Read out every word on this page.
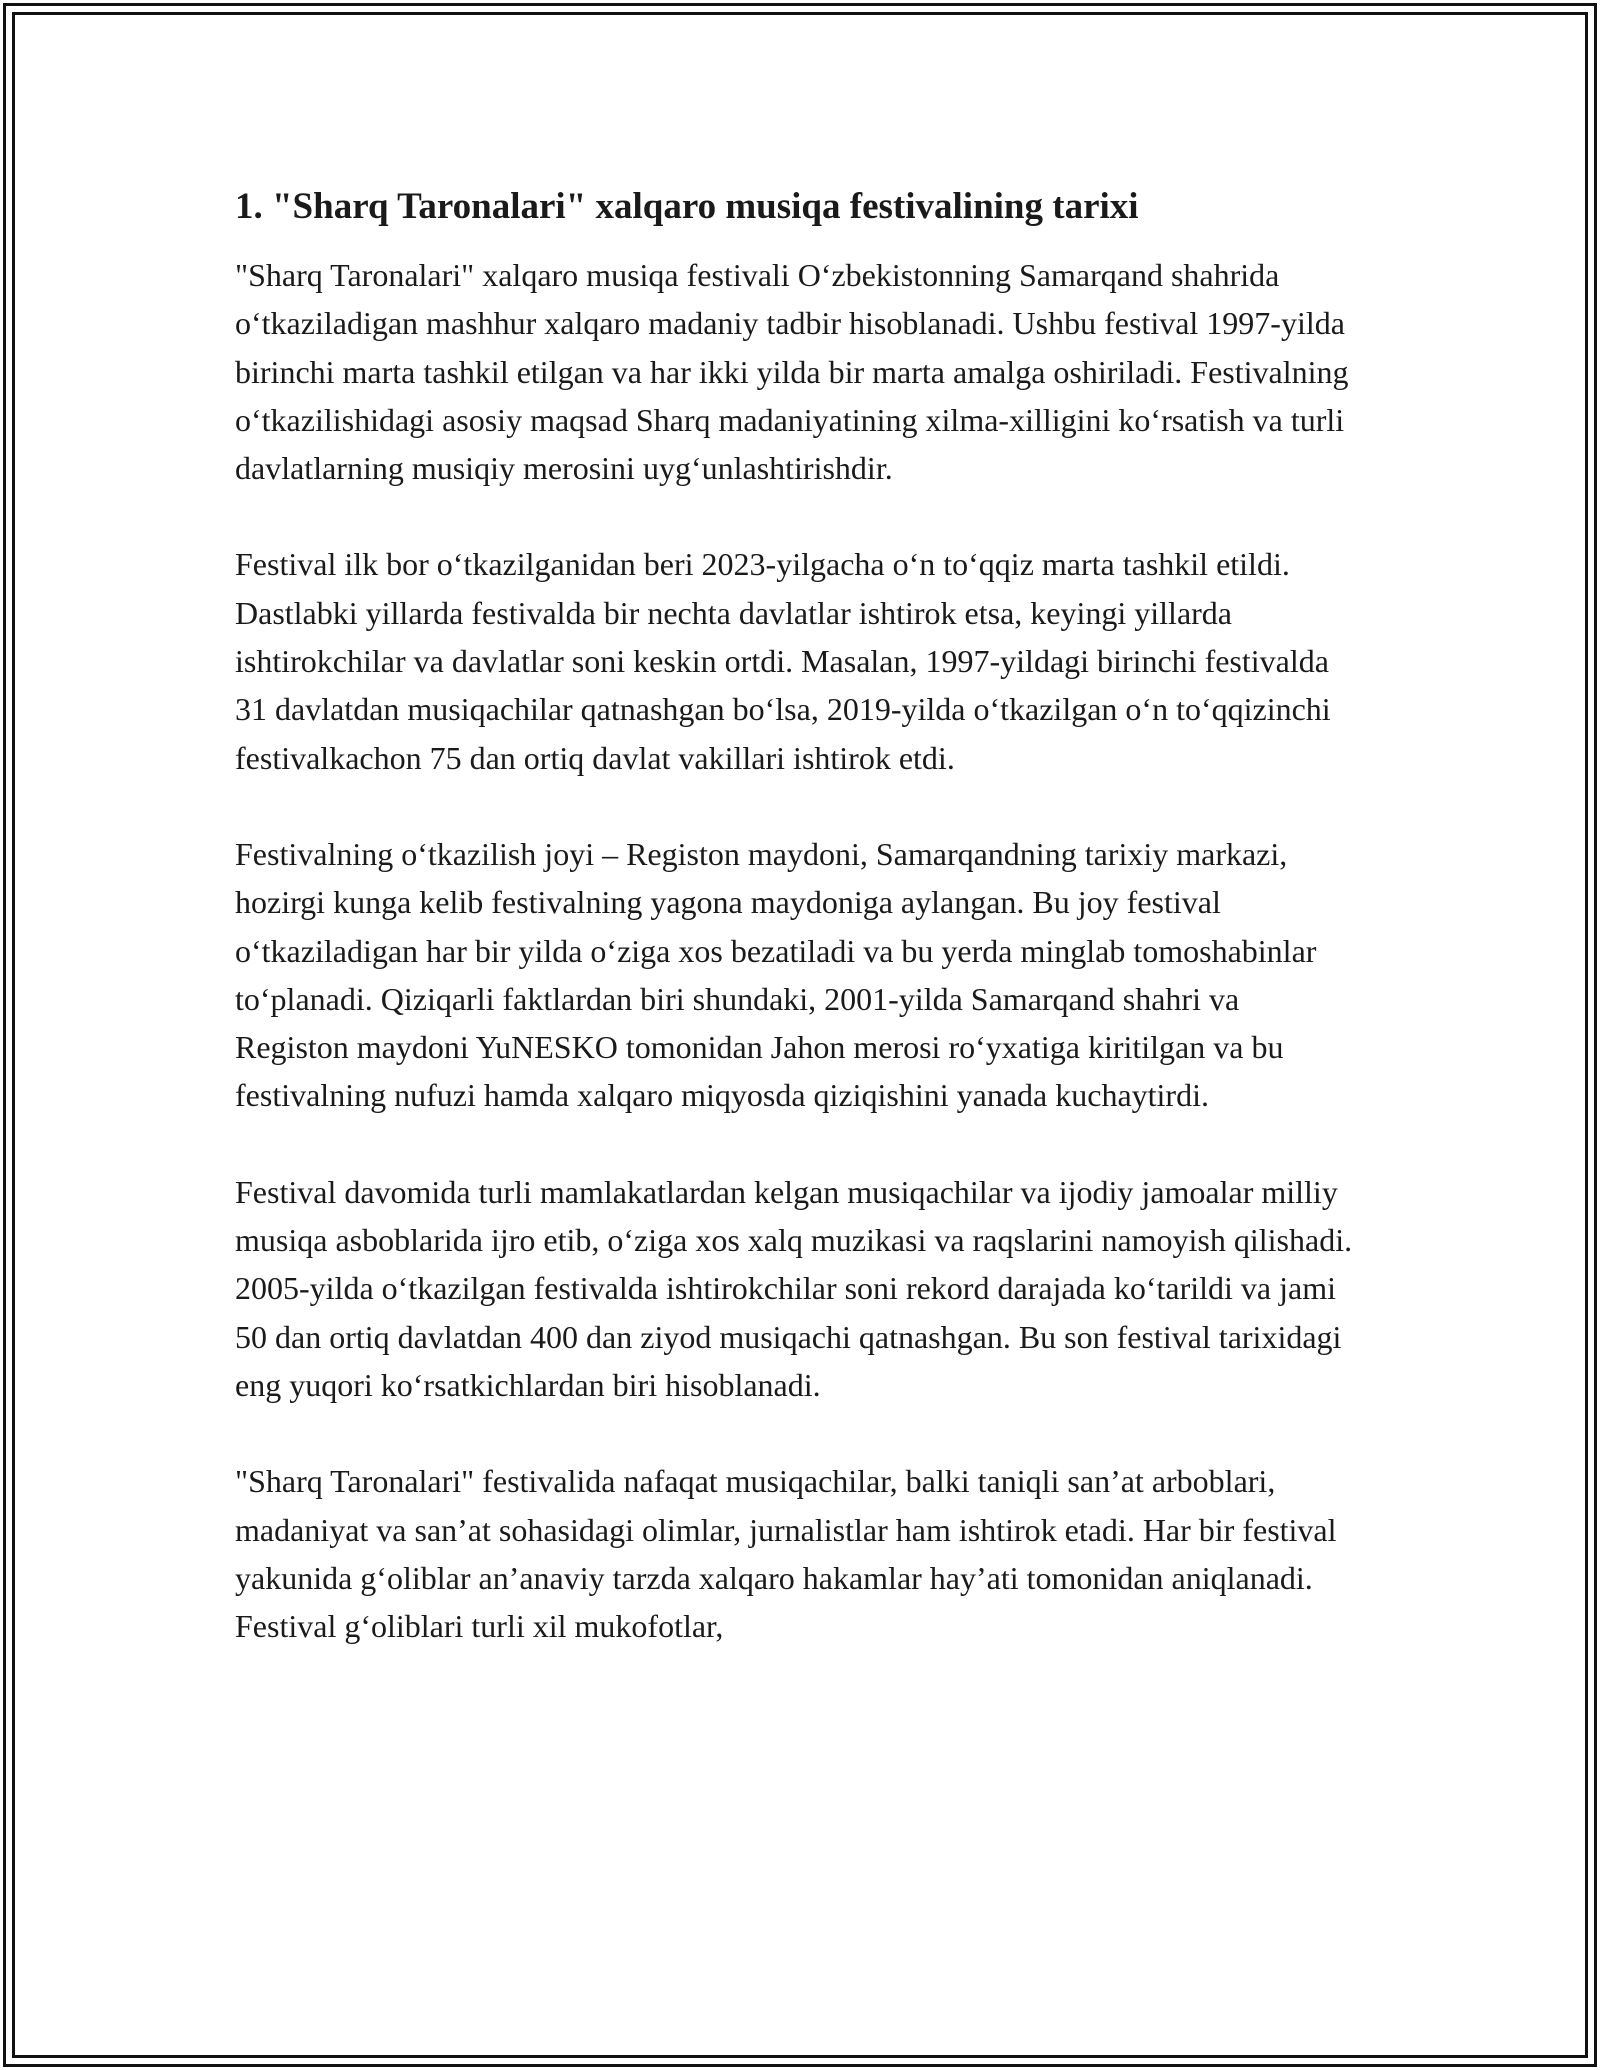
1. "Sharq Taronalari" xalqaro musiqa festivalining tarixi

"Sharq Taronalari" xalqaro musiqa festivali O‘zbekistonning Samarqand shahrida o‘tkaziladigan mashhur xalqaro madaniy tadbir hisoblanadi. Ushbu festival 1997-yilda birinchi marta tashkil etilgan va har ikki yilda bir marta amalga oshiriladi. Festivalning o‘tkazilishidagi asosiy maqsad Sharq madaniyatining xilma-xilligini ko‘rsatish va turli davlatlarning musiqiy merosini uyg‘unlashtirishdir.

Festival ilk bor o‘tkazilganidan beri 2023-yilgacha o‘n to‘qqiz marta tashkil etildi. Dastlabki yillarda festivalda bir nechta davlatlar ishtirok etsa, keyingi yillarda ishtirokchilar va davlatlar soni keskin ortdi. Masalan, 1997-yildagi birinchi festivalda 31 davlatdan musiqachilar qatnashgan bo‘lsa, 2019-yilda o‘tkazilgan o‘n to‘qqizinchi festivalkachon 75 dan ortiq davlat vakillari ishtirok etdi.

Festivalning o‘tkazilish joyi – Registon maydoni, Samarqandning tarixiy markazi, hozirgi kunga kelib festivalning yagona maydoniga aylangan. Bu joy festival o‘tkaziladigan har bir yilda o‘ziga xos bezatiladi va bu yerda minglab tomoshabinlar to‘planadi. Qiziqarli faktlardan biri shundaki, 2001-yilda Samarqand shahri va Registon maydoni YuNESKO tomonidan Jahon merosi ro‘yxatiga kiritilgan va bu festivalning nufuzi hamda xalqaro miqyosda qiziqishini yanada kuchaytirdi.

Festival davomida turli mamlakatlardan kelgan musiqachilar va ijodiy jamoalar milliy musiqa asboblarida ijro etib, o‘ziga xos xalq muzikasi va raqslarini namoyish qilishadi. 2005-yilda o‘tkazilgan festivalda ishtirokchilar soni rekord darajada ko‘tarildi va jami 50 dan ortiq davlatdan 400 dan ziyod musiqachi qatnashgan. Bu son festival tarixidagi eng yuqori ko‘rsatkichlardan biri hisoblanadi.

"Sharq Taronalari" festivalida nafaqat musiqachilar, balki taniqli san’at arboblari, madaniyat va san’at sohasidagi olimlar, jurnalistlar ham ishtirok etadi. Har bir festival yakunida g‘oliblar an’anaviy tarzda xalqaro hakamlar hay’ati tomonidan aniqlanadi. Festival g‘oliblari turli xil mukofotlar,
